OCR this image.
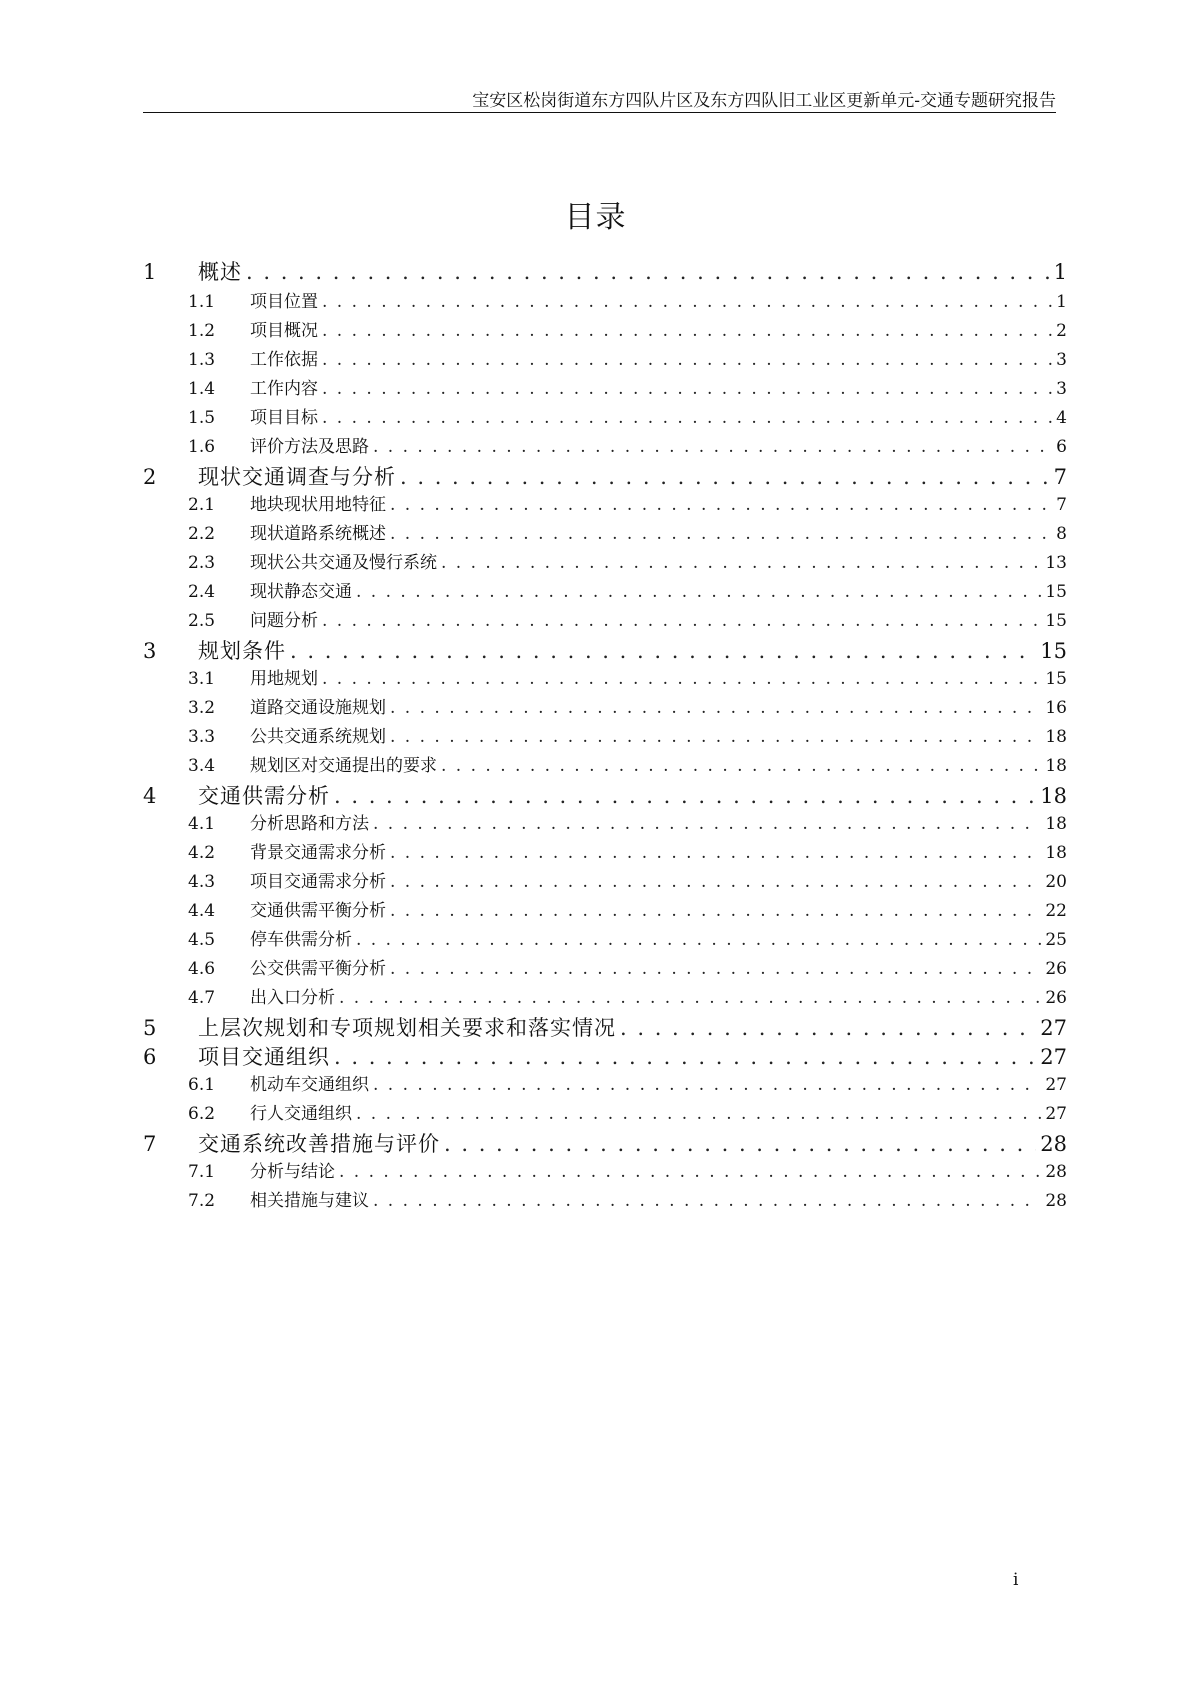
宝安区松岗街道东方四队片区及东方四队旧工业区更新单元-交通专题研究报告
目录
1	概述 . . .	1
1.1	项目位置 . . .	1
1.2	项目概况 . . .	2
1.3	工作依据 . . .	3
1.4	工作内容 . . .	3
1.5	项目目标 . . .	4
1.6	评价方法及思路 . . .	6
2	现状交通调查与分析 . . .	7
2.1	地块现状用地特征 . . .	7
2.2	现状道路系统概述 . . .	8
2.3	现状公共交通及慢行系统 . . .	13
2.4	现状静态交通 . . .	15
2.5	问题分析 . . .	15
3	规划条件 . . .	15
3.1	用地规划 . . .	15
3.2	道路交通设施规划 . . .	16
3.3	公共交通系统规划 . . .	18
3.4	规划区对交通提出的要求 . . .	18
4	交通供需分析 . . .	18
4.1	分析思路和方法 . . .	18
4.2	背景交通需求分析 . . .	18
4.3	项目交通需求分析 . . .	20
4.4	交通供需平衡分析 . . .	22
4.5	停车供需分析 . . .	25
4.6	公交供需平衡分析 . . .	26
4.7	出入口分析 . . .	26
5	上层次规划和专项规划相关要求和落实情况 . . .	27
6	项目交通组织 . . .	27
6.1	机动车交通组织 . . .	27
6.2	行人交通组织 . . .	27
7	交通系统改善措施与评价 . . .	28
7.1	分析与结论 . . .	28
7.2	相关措施与建议 . . .	28
i
